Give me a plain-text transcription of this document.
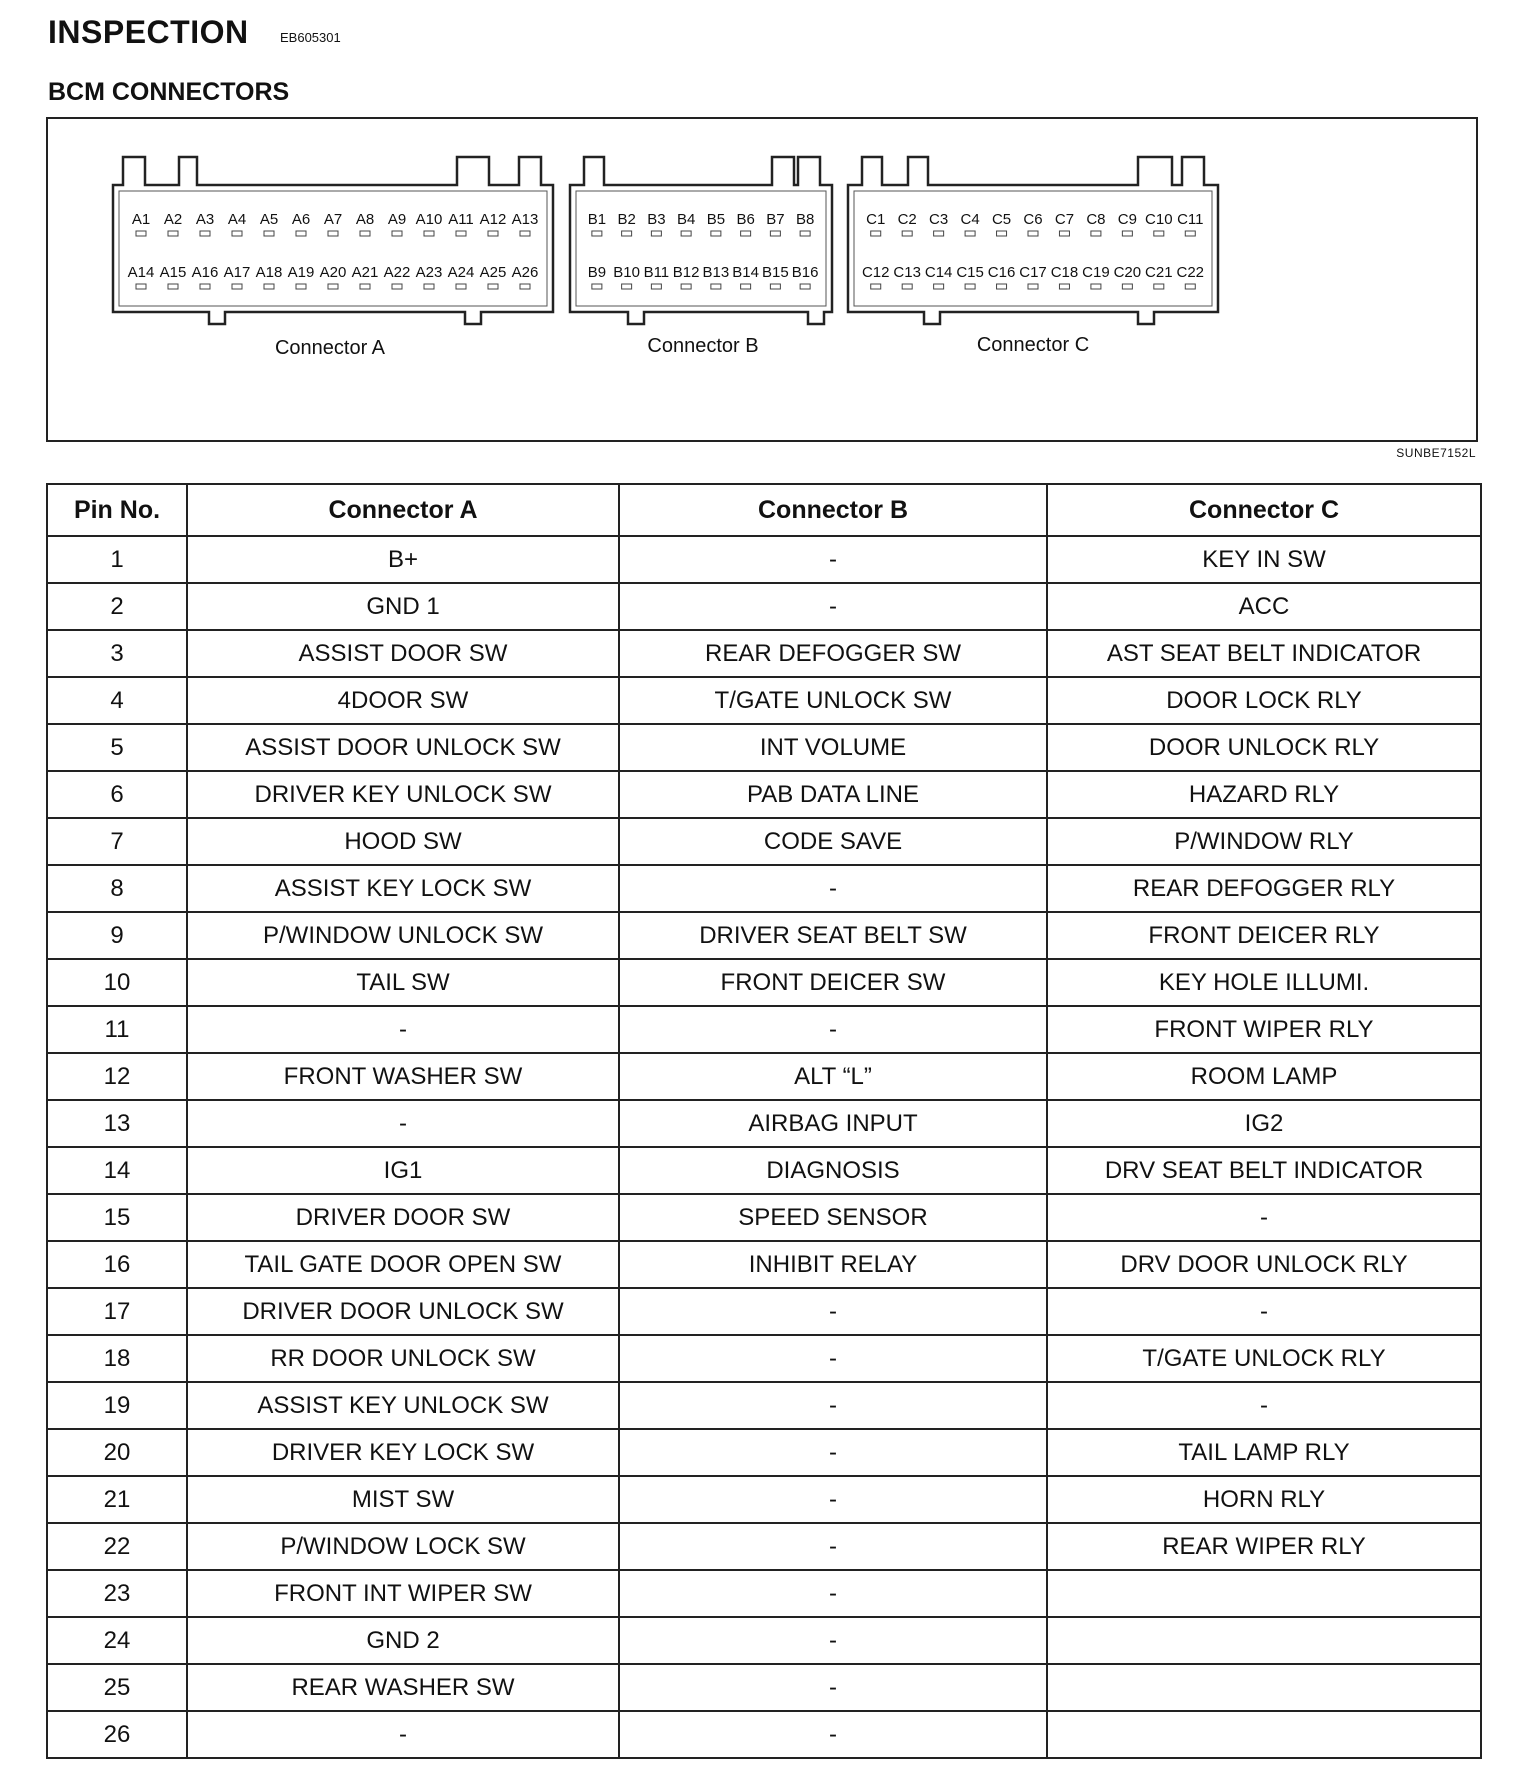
INSPECTION EB605301
BCM CONNECTORS
A1 A2 A3 A4 A5 A6 A7 A8 A9 A10 A11 A12 A13
A14 A15 A16 A17 A18 A19 A20 A21 A22 A23 A24 A25 A26
Connector A
B1 B2 B3 B4 B5 B6 B7 B8
B9 B10 B11 B12 B13 B14 B15 B16
Connector B
C1 C2 C3 C4 C5 C6 C7 C8 C9 C10 C11
C12 C13 C14 C15 C16 C17 C18 C19 C20 C21 C22
Connector C
SUNBE7152L
Pin No.	Connector A	Connector B	Connector C
1	B+	-	KEY IN SW
2	GND 1	-	ACC
3	ASSIST DOOR SW	REAR DEFOGGER SW	AST SEAT BELT INDICATOR
4	4DOOR SW	T/GATE UNLOCK SW	DOOR LOCK RLY
5	ASSIST DOOR UNLOCK SW	INT VOLUME	DOOR UNLOCK RLY
6	DRIVER KEY UNLOCK SW	PAB DATA LINE	HAZARD RLY
7	HOOD SW	CODE SAVE	P/WINDOW RLY
8	ASSIST KEY LOCK SW	-	REAR DEFOGGER RLY
9	P/WINDOW UNLOCK SW	DRIVER SEAT BELT SW	FRONT DEICER RLY
10	TAIL SW	FRONT DEICER SW	KEY HOLE ILLUMI.
11	-	-	FRONT WIPER RLY
12	FRONT WASHER SW	ALT “L”	ROOM LAMP
13	-	AIRBAG INPUT	IG2
14	IG1	DIAGNOSIS	DRV SEAT BELT INDICATOR
15	DRIVER DOOR SW	SPEED SENSOR	-
16	TAIL GATE DOOR OPEN SW	INHIBIT RELAY	DRV DOOR UNLOCK RLY
17	DRIVER DOOR UNLOCK SW	-	-
18	RR DOOR UNLOCK SW	-	T/GATE UNLOCK RLY
19	ASSIST KEY UNLOCK SW	-	-
20	DRIVER KEY LOCK SW	-	TAIL LAMP RLY
21	MIST SW	-	HORN RLY
22	P/WINDOW LOCK SW	-	REAR WIPER RLY
23	FRONT INT WIPER SW	-	
24	GND 2	-	
25	REAR WASHER SW	-	
26	-	-	
